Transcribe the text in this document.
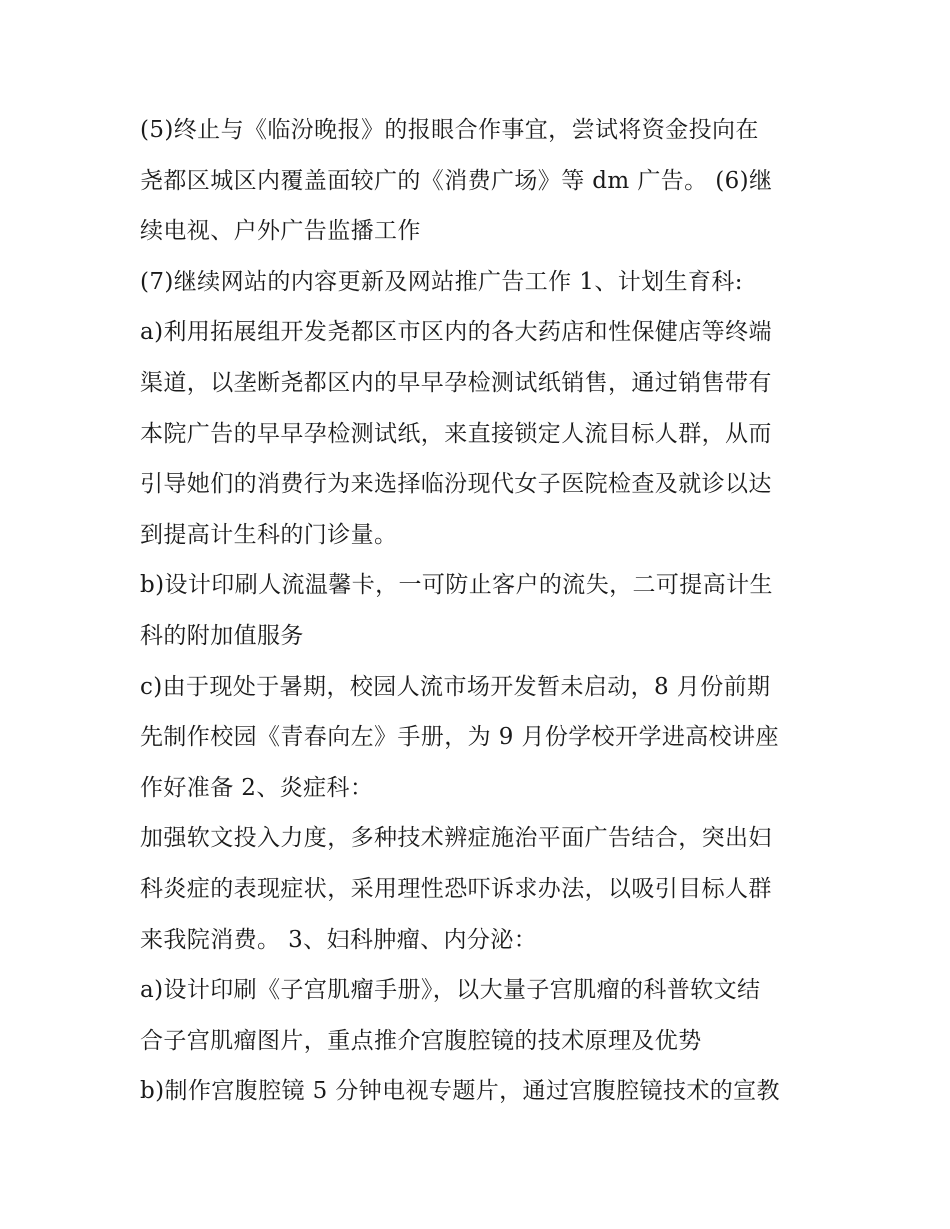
(5)终止与《临汾晚报》的报眼合作事宜，尝试将资金投向在
尧都区城区内覆盖面较广的《消费广场》等 dm 广告。 (6)继
续电视、户外广告监播工作
(7)继续网站的内容更新及网站推广告工作 1、计划生育科:
a)利用拓展组开发尧都区市区内的各大药店和性保健店等终端
渠道，以垄断尧都区内的早早孕检测试纸销售，通过销售带有
本院广告的早早孕检测试纸，来直接锁定人流目标人群，从而
引导她们的消费行为来选择临汾现代女子医院检查及就诊以达
到提高计生科的门诊量。
b)设计印刷人流温馨卡，一可防止客户的流失，二可提高计生
科的附加值服务
c)由于现处于暑期，校园人流市场开发暂未启动，8 月份前期
先制作校园《青春向左》手册，为 9 月份学校开学进高校讲座
作好准备 2、炎症科：
加强软文投入力度，多种技术辨症施治平面广告结合，突出妇
科炎症的表现症状，采用理性恐吓诉求办法，以吸引目标人群
来我院消费。 3、妇科肿瘤、内分泌：
a)设计印刷《子宫肌瘤手册》，以大量子宫肌瘤的科普软文结
合子宫肌瘤图片，重点推介宫腹腔镜的技术原理及优势
b)制作宫腹腔镜 5 分钟电视专题片，通过宫腹腔镜技术的宣教
